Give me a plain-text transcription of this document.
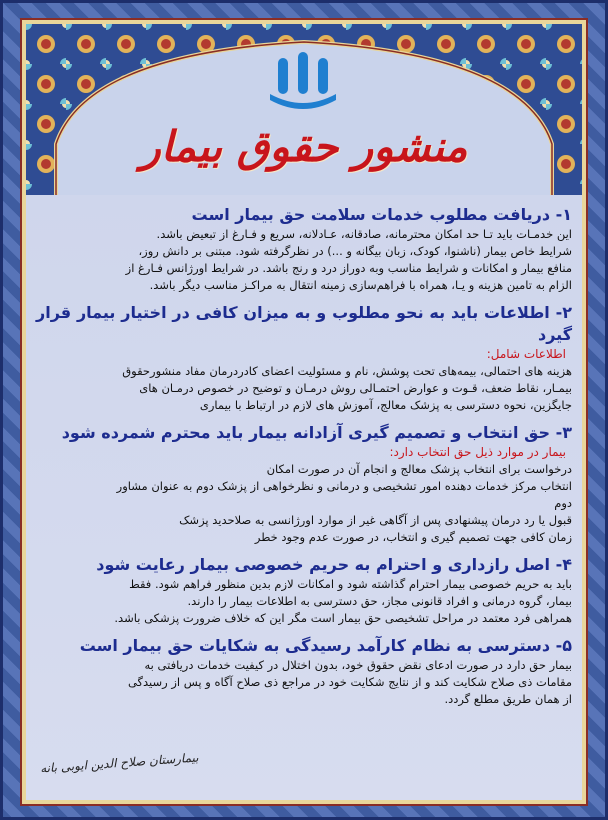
منشور حقوق بیمار

۱- دریافت مطلوب خدمات سلامت حق بیمار است

این خدمـات باید تـا حد امکان محترمانه، صادقانه، عـادلانه، سریع و فـارغ از تبعیض باشد.

شرایط خاص بیمار (ناشنوا، کودک، زبان بیگانه و ...) در نظرگرفته شود. مبتنی بر دانش روز،

منافع بیمار و امکانات و شرایط مناسب وبه دوراز درد و رنج باشد. در شرایط اورژانس فـارغ از

الزام به تامین هزینه و یـا، همراه با فراهم‌سازی زمینه انتقال به مراکـز مناسب دیگر باشد.

۲- اطلاعات باید به نحو مطلوب و به میزان کافی در اختیار بیمار قرار گیرد

اطلاعات شامل:

هزینه های احتمالی، بیمه‌های تحت پوشش، نام و مسئولیت اعضای کادردرمان مفاد منشورحقوق

بیمـار، نقاط ضعف، قـوت و عوارض احتمـالی روش درمـان و توضیح در خصوص درمـان های

جایگزین، نحوه دسترسی به پزشک معالج، آموزش های لازم در ارتباط با بیماری

۳- حق انتخاب و تصمیم گیری آزادانه بیمار باید محترم شمرده شود

بیمار در موارد ذیل حق انتخاب دارد:

درخواست برای انتخاب پزشک معالج و انجام آن در صورت امکان

انتخاب مرکز خدمات دهنده امور تشخیصی و درمانی و نظرخواهی از پزشک دوم به عنوان مشاور

دوم

قبول یا رد درمان پیشنهادی پس از آگاهی غیر از موارد اورژانسی به صلاحدید پزشک

زمان کافی جهت تصمیم گیری و انتخاب، در صورت عدم وجود خطر

۴- اصل رازداری و احترام به حریم خصوصی بیمار رعایت شود

باید به حریم خصوصی بیمار احترام گذاشته شود و امکانات لازم بدین منظور فراهم شود. فقط

بیمار، گروه درمانی و افراد قانونی مجاز، حق دسترسی به اطلاعات بیمار را دارند.

همراهی فرد معتمد در مراحل تشخیصی حق بیمار است مگر این که خلاف ضرورت پزشکی باشد.

۵- دسترسی به نظام کارآمد رسیدگی به شکایات حق بیمار است

بیمار حق دارد در صورت ادعای نقض حقوق خود، بدون اختلال در کیفیت خدمات دریافتی به

مقامات ذی صلاح شکایت کند و از نتایج شکایت خود در مراجع ذی صلاح آگاه و پس از رسیدگی

از همان طریق مطلع گردد.

بیمارستان صلاح الدین ایوبی بانه
